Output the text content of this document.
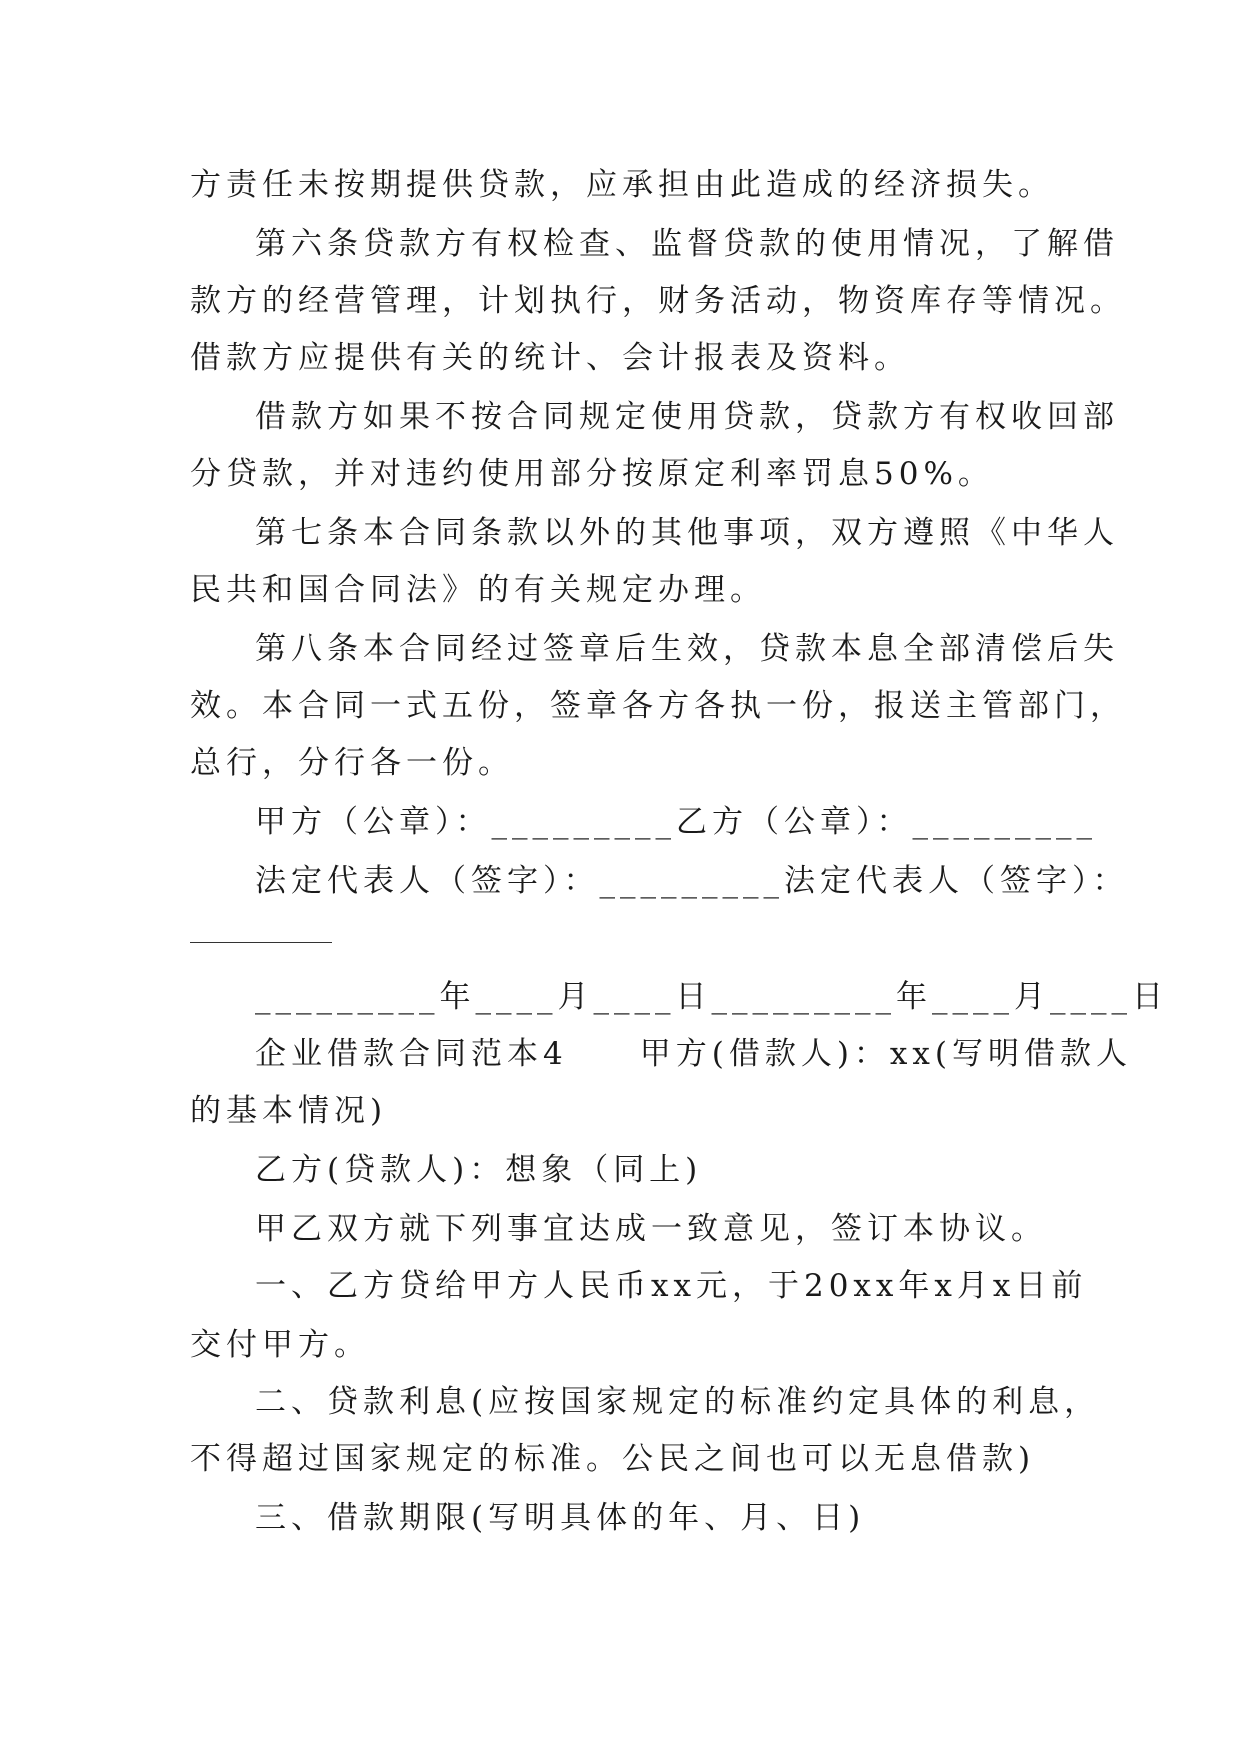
方责任未按期提供贷款，应承担由此造成的经济损失。
第六条贷款方有权检查、监督贷款的使用情况，了解借
款方的经营管理，计划执行，财务活动，物资库存等情况。
借款方应提供有关的统计、会计报表及资料。
借款方如果不按合同规定使用贷款，贷款方有权收回部
分贷款，并对违约使用部分按原定利率罚息50%。
第七条本合同条款以外的其他事项，双方遵照《中华人
民共和国合同法》的有关规定办理。
第八条本合同经过签章后生效，贷款本息全部清偿后失
效。本合同一式五份，签章各方各执一份，报送主管部门，
总行，分行各一份。
甲方（公章）：_________乙方（公章）：_________
法定代表人（签字）：_________法定代表人（签字）：
_________年____月____日_________年____月____日
企业借款合同范本4　　甲方(借款人)：xx(写明借款人
的基本情况)
乙方(贷款人)：想象（同上)
甲乙双方就下列事宜达成一致意见，签订本协议。
一、乙方贷给甲方人民币xx元，于20xx年x月x日前
交付甲方。
二、贷款利息(应按国家规定的标准约定具体的利息，
不得超过国家规定的标准。公民之间也可以无息借款)
三、借款期限(写明具体的年、月、日)
